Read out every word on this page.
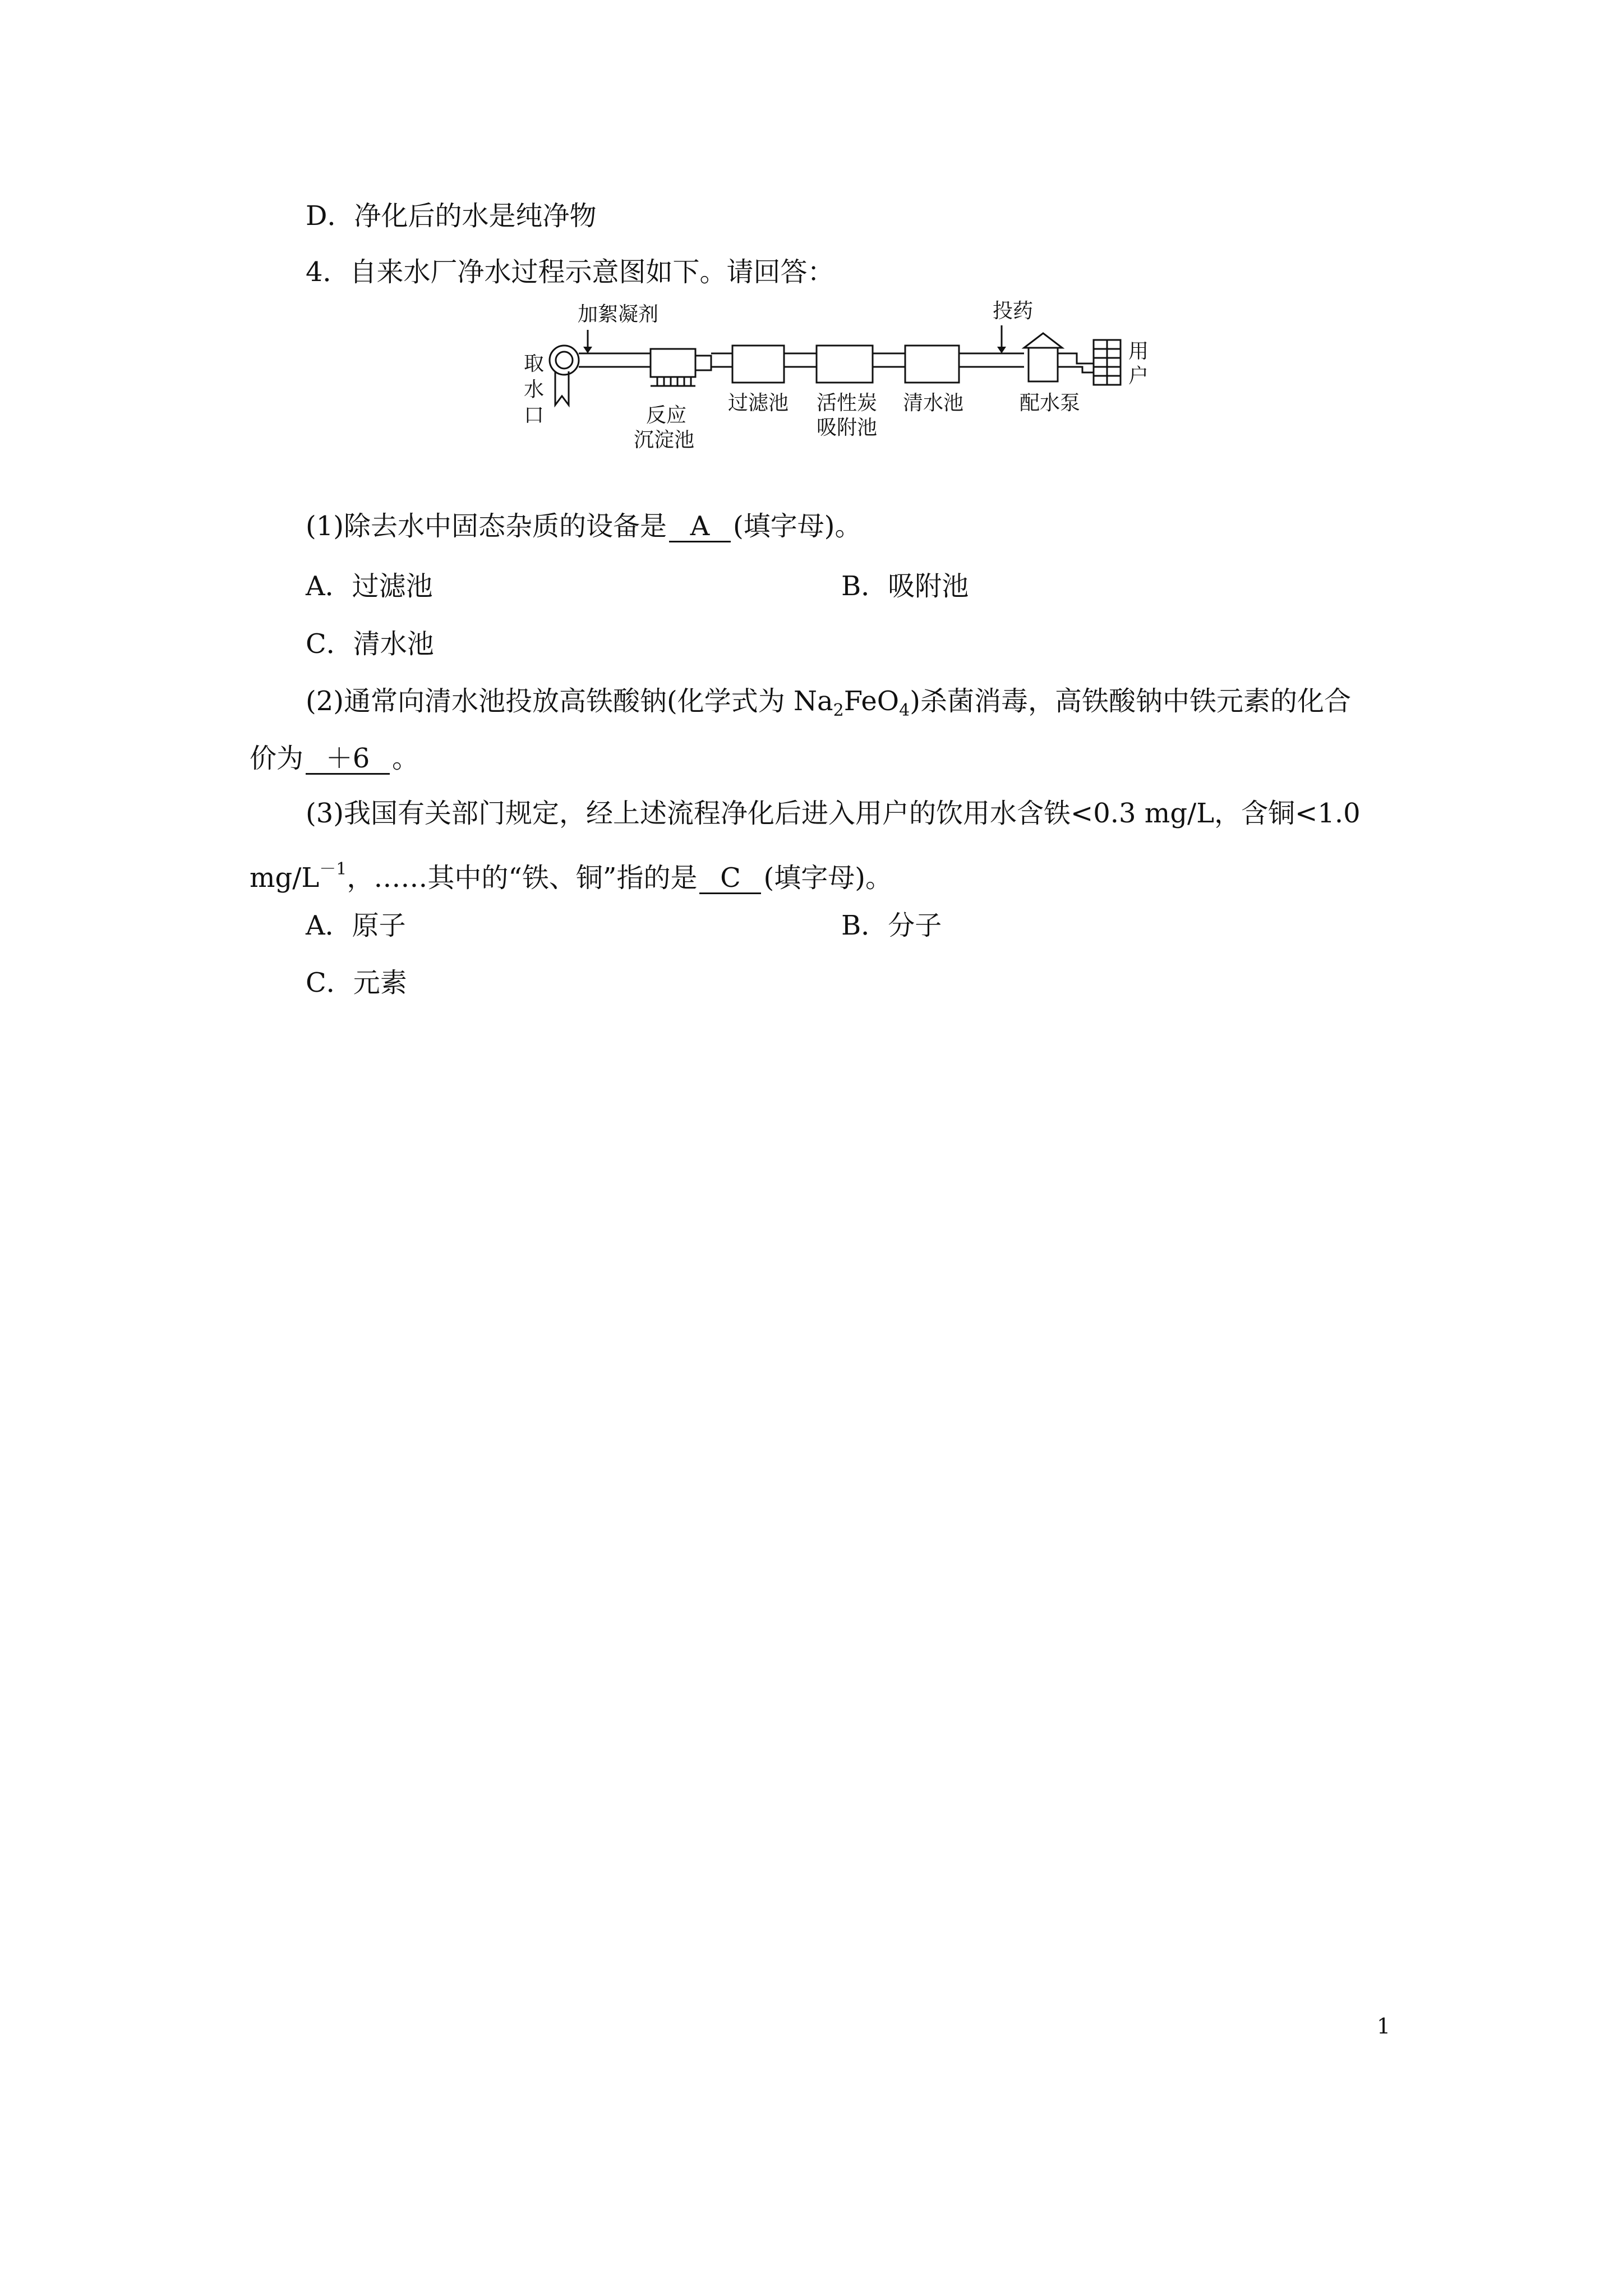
D．净化后的水是纯净物
4．自来水厂净水过程示意图如下。请回答：
取
水
口
加絮凝剂
反应
沉淀池
过滤池 活性炭
吸附池
清水池
投药
配水泵
用
户
(1)除去水中固态杂质的设备是 A (填字母)。
A．过滤池	B．吸附池
C．清水池
(2)通常向清水池投放高铁酸钠(化学式为 $Na_2FeO_4$)杀菌消毒，高铁酸钠中铁元素的化合
价为 ＋6 。
(3)我国有关部门规定，经上述流程净化后进入用户的饮用水含铁<0.3 mg/L，含铜<1.0
$mg/L^{-1}$，……其中的“铁、铜”指的是 C (填字母)。
A．原子	B．分子
C．元素
1
